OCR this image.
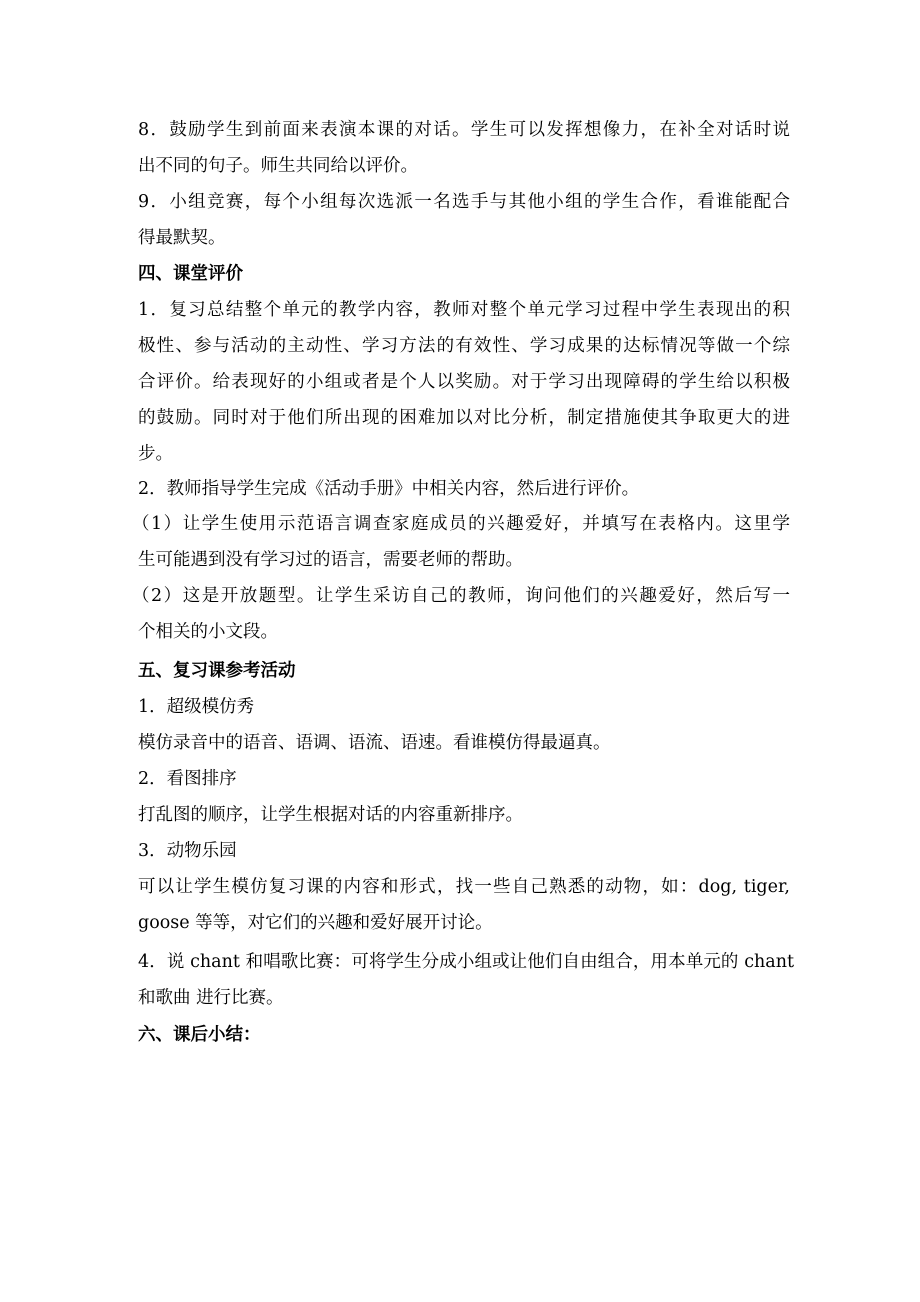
8．鼓励学生到前面来表演本课的对话。学生可以发挥想像力，在补全对话时说
出不同的句子。师生共同给以评价。
9．小组竞赛，每个小组每次选派一名选手与其他小组的学生合作，看谁能配合
得最默契。
四、课堂评价
1．复习总结整个单元的教学内容，教师对整个单元学习过程中学生表现出的积
极性、参与活动的主动性、学习方法的有效性、学习成果的达标情况等做一个综
合评价。给表现好的小组或者是个人以奖励。对于学习出现障碍的学生给以积极
的鼓励。同时对于他们所出现的困难加以对比分析，制定措施使其争取更大的进
步。
2．教师指导学生完成《活动手册》中相关内容，然后进行评价。
（1）让学生使用示范语言调查家庭成员的兴趣爱好，并填写在表格内。这里学
生可能遇到没有学习过的语言，需要老师的帮助。
（2）这是开放题型。让学生采访自己的教师，询问他们的兴趣爱好，然后写一
个相关的小文段。
五、复习课参考活动
1．超级模仿秀
模仿录音中的语音、语调、语流、语速。看谁模仿得最逼真。
2．看图排序
打乱图的顺序，让学生根据对话的内容重新排序。
3．动物乐园
可以让学生模仿复习课的内容和形式，找一些自己熟悉的动物，如：dog, tiger,
goose 等等，对它们的兴趣和爱好展开讨论。
4．说 chant 和唱歌比赛：可将学生分成小组或让他们自由组合，用本单元的 chant
和歌曲 进行比赛。
六、课后小结：
